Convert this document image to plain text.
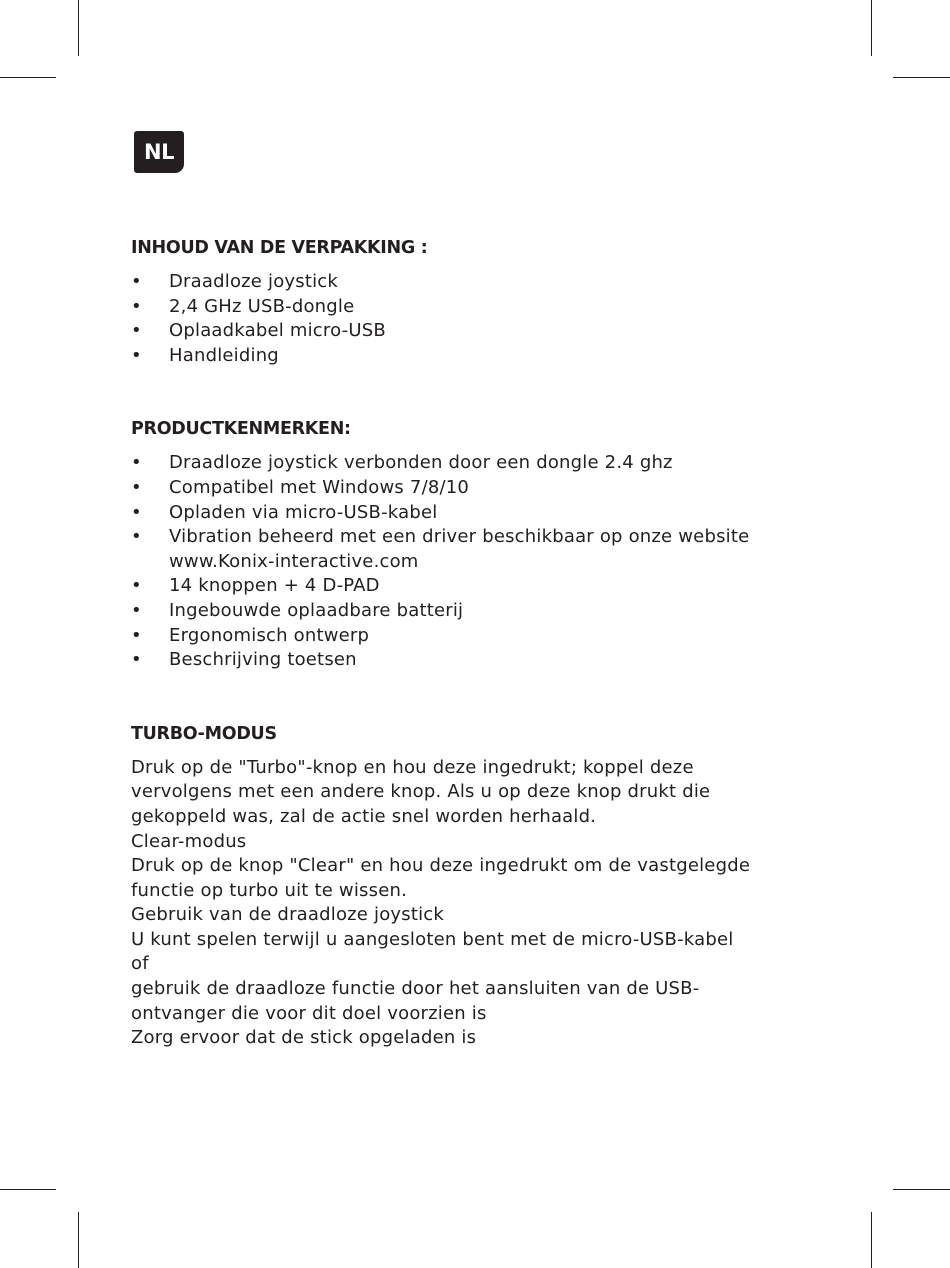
NL
INHOUD VAN DE VERPAKKING :
• Draadloze joystick
• 2,4 GHz USB-dongle
• Oplaadkabel micro-USB
• Handleiding
PRODUCTKENMERKEN:
• Draadloze joystick verbonden door een dongle 2.4 ghz
• Compatibel met Windows 7/8/10
• Opladen via micro-USB-kabel
• Vibration beheerd met een driver beschikbaar op onze website
www.Konix-interactive.com
• 14 knoppen + 4 D-PAD
• Ingebouwde oplaadbare batterij
• Ergonomisch ontwerp
• Beschrijving toetsen
TURBO-MODUS
Druk op de "Turbo"-knop en hou deze ingedrukt; koppel deze
vervolgens met een andere knop. Als u op deze knop drukt die
gekoppeld was, zal de actie snel worden herhaald.
Clear-modus
Druk op de knop "Clear" en hou deze ingedrukt om de vastgelegde
functie op turbo uit te wissen.
Gebruik van de draadloze joystick
U kunt spelen terwijl u aangesloten bent met de micro-USB-kabel
of
gebruik de draadloze functie door het aansluiten van de USB-
ontvanger die voor dit doel voorzien is
Zorg ervoor dat de stick opgeladen is
